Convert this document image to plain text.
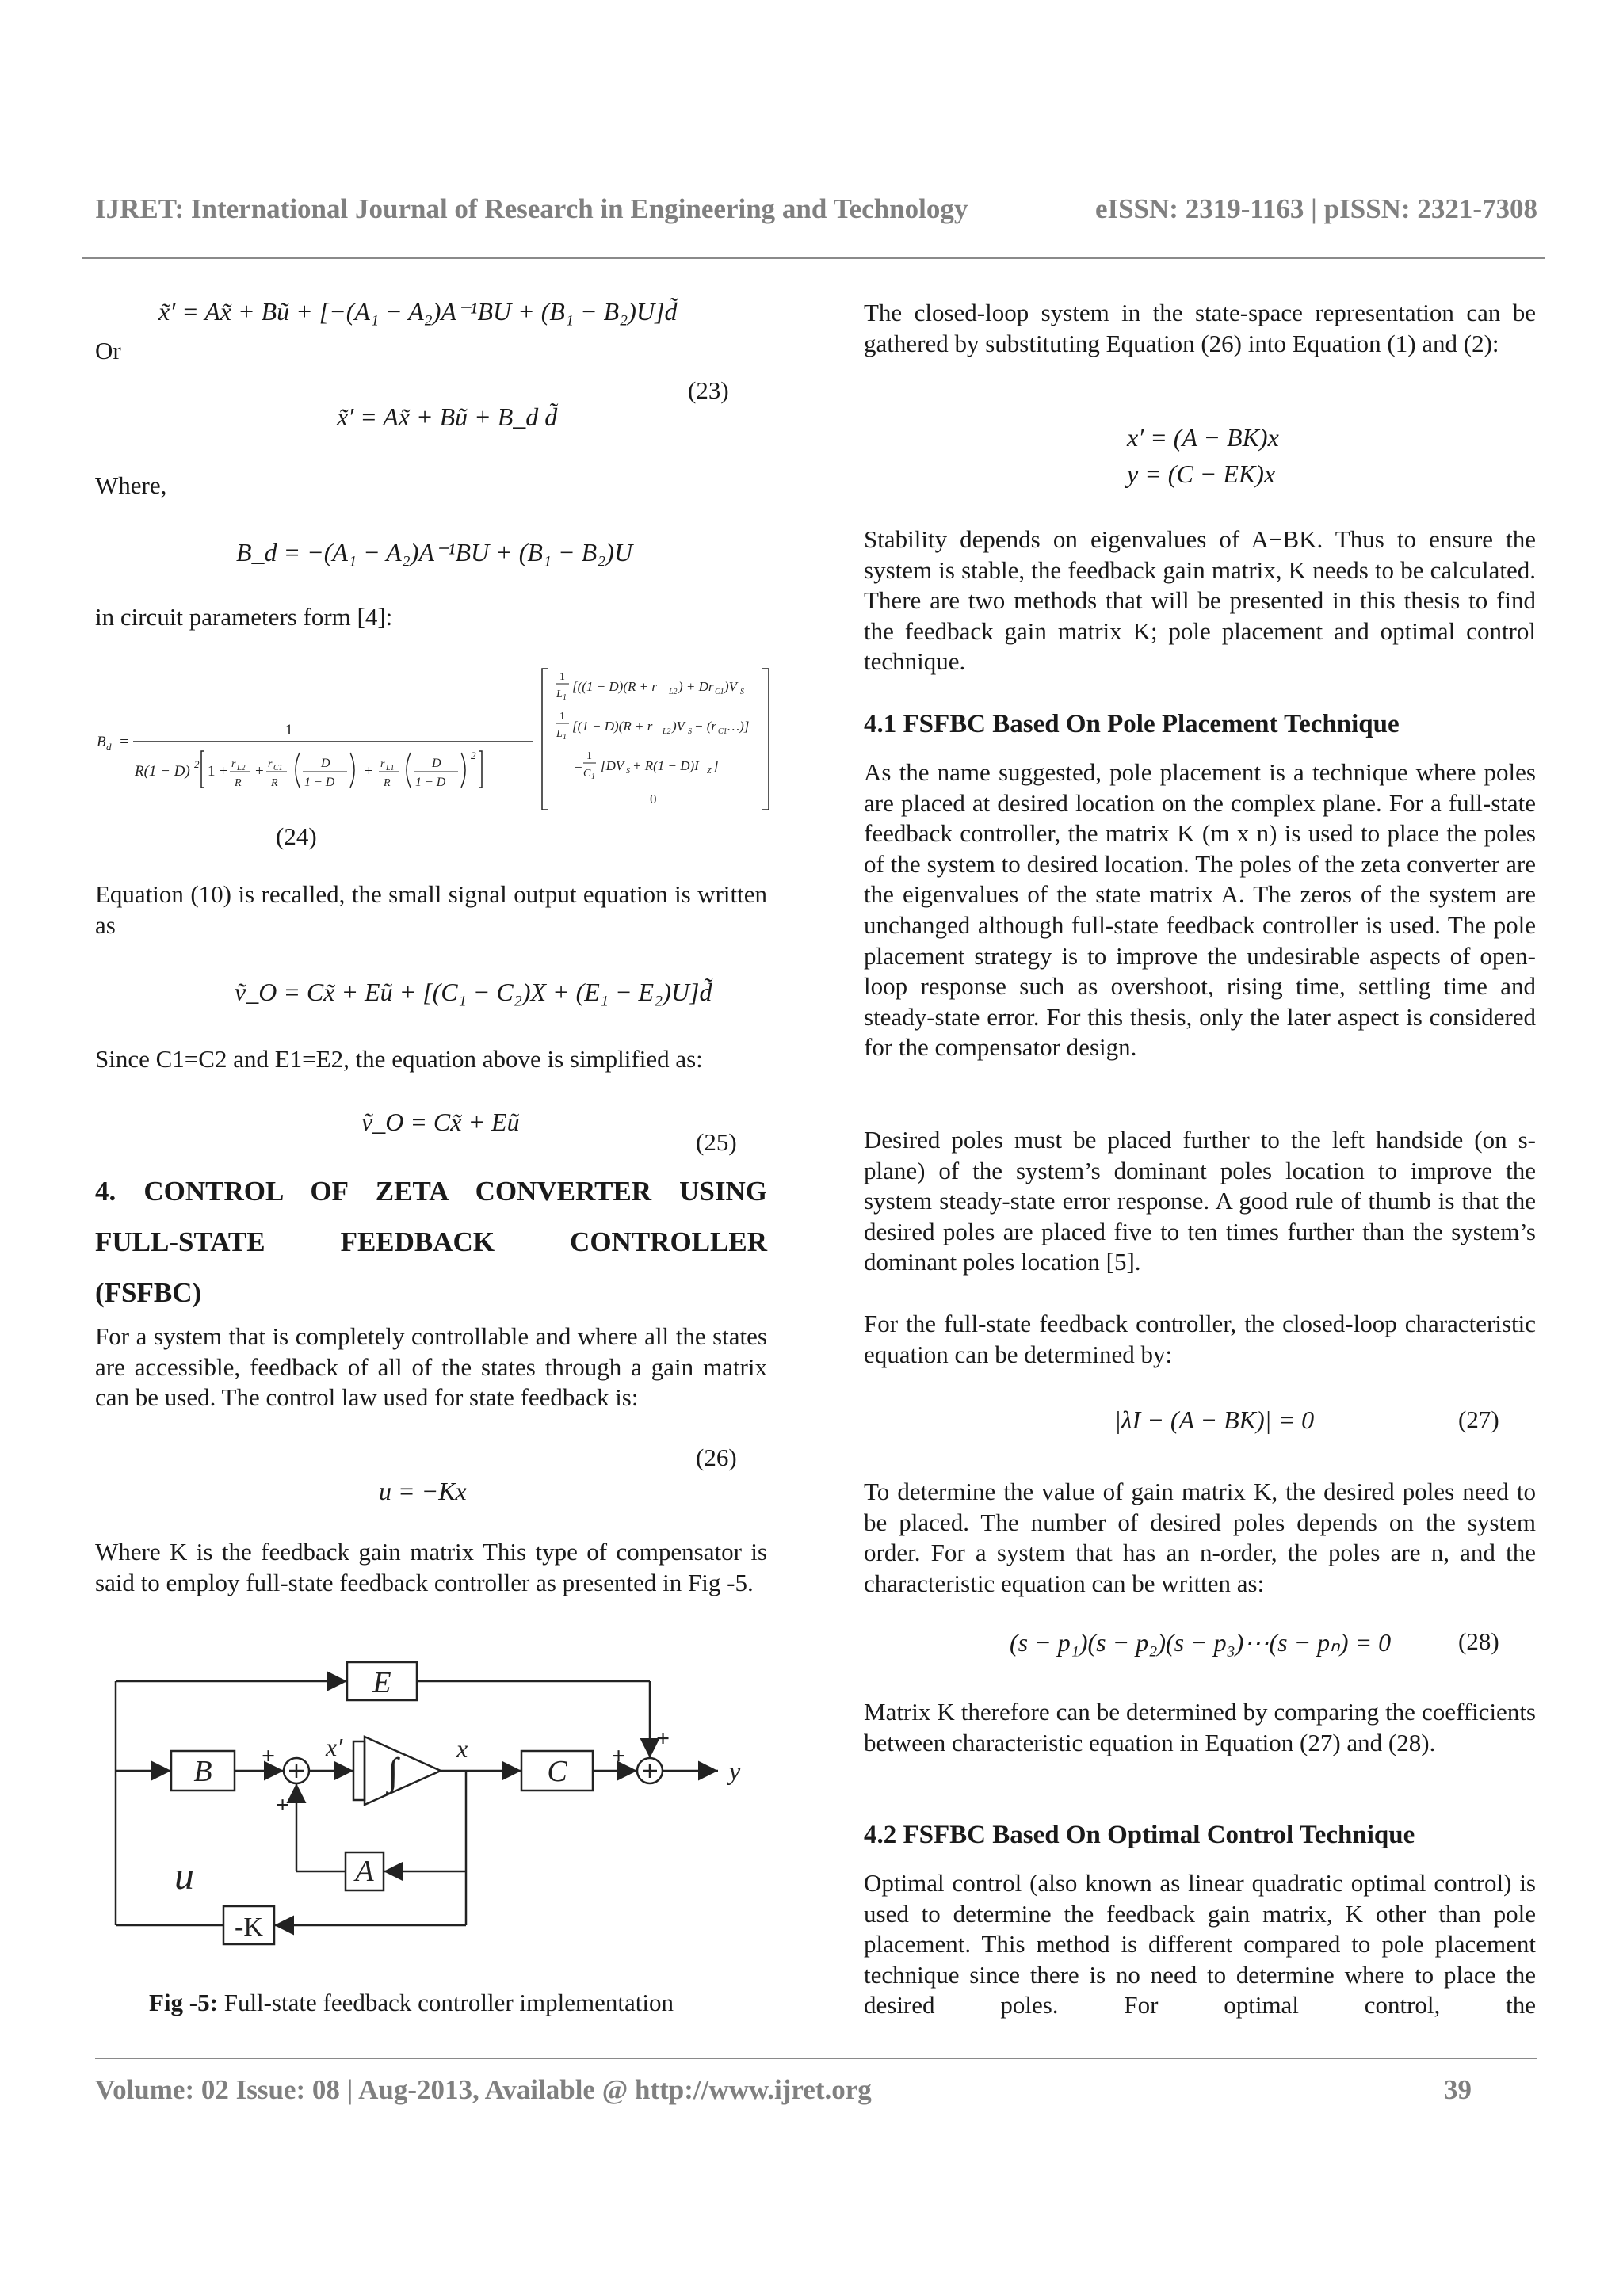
IJRET: International Journal of Research in Engineering and Technology	eISSN: 2319-1163 | pISSN: 2321-7308
x̃′ = Ax̃ + Bũ + [−(A₁ − A₂)A⁻¹BU + (B₁ − B₂)U]d̃
Or
(23)
x̃′ = Ax̃ + Bũ + B_d d̃
Where,
B_d = −(A₁ − A₂)A⁻¹BU + (B₁ − B₂)U
in circuit parameters form [4]:
B d =
1
R(1 − D) 2 1 + r L2
R
+ r C1
R
D
1 − D
+ r L1
R
D
1 − D
2
1
L 1
[((1 − D)(R + r L2 ) + Dr C1 )V S
1
L 1
[(1 − D)(R + r L2 )V S − (r C1 …)]
−
1
C 1
[DV S + R(1 − D)I Z ]
0
(24)
Equation (10) is recalled, the small signal output equation is written as
ṽ_O = Cx̃ + Eũ + [(C₁ − C₂)X + (E₁ − E₂)U]d̃
Since C1=C2 and E1=E2, the equation above is simplified as:
ṽ_O = Cx̃ + Eũ
(25)
4. CONTROL OF ZETA CONVERTER USING
FULL-STATE FEEDBACK CONTROLLER
(FSFBC)
For a system that is completely controllable and where all the states are accessible, feedback of all of the states through a gain matrix can be used. The control law used for state feedback is:
(26)
u = −Kx
Where K is the feedback gain matrix This type of compensator is said to employ full-state feedback controller as presented in Fig -5.
B	C
A
E
-K
∫
x′	x
y
u
+
+
+
+
Fig -5: Full-state feedback controller implementation
The closed-loop system in the state-space representation can be gathered by substituting Equation (26) into Equation (1) and (2):
x′ = (A − BK)x
y = (C − EK)x
Stability depends on eigenvalues of A−BK. Thus to ensure the system is stable, the feedback gain matrix, K needs to be calculated. There are two methods that will be presented in this thesis to find the feedback gain matrix K; pole placement and optimal control technique.
4.1 FSFBC Based On Pole Placement Technique
As the name suggested, pole placement is a technique where poles are placed at desired location on the complex plane. For a full-state feedback controller, the matrix K (m x n) is used to place the poles of the system to desired location. The poles of the zeta converter are the eigenvalues of the state matrix A. The zeros of the system are unchanged although full-state feedback controller is used. The pole placement strategy is to improve the undesirable aspects of open-loop response such as overshoot, rising time, settling time and steady-state error. For this thesis, only the later aspect is considered for the compensator design.
Desired poles must be placed further to the left handside (on s-plane) of the system’s dominant poles location to improve the system steady-state error response. A good rule of thumb is that the desired poles are placed five to ten times further than the system’s dominant poles location [5].
For the full-state feedback controller, the closed-loop characteristic equation can be determined by:
|λI − (A − BK)| = 0	(27)
To determine the value of gain matrix K, the desired poles need to be placed. The number of desired poles depends on the system order. For a system that has an n-order, the poles are n, and the characteristic equation can be written as:
(s − p₁)(s − p₂)(s − p₃)⋯(s − pₙ) = 0	(28)
Matrix K therefore can be determined by comparing the coefficients between characteristic equation in Equation (27) and (28).
4.2 FSFBC Based On Optimal Control Technique
Optimal control (also known as linear quadratic optimal control) is used to determine the feedback gain matrix, K other than pole placement. This method is different compared to pole placement technique since there is no need to determine where to place the desired poles. For optimal control, the
Volume: 02 Issue: 08 | Aug-2013, Available @ http://www.ijret.org	39
